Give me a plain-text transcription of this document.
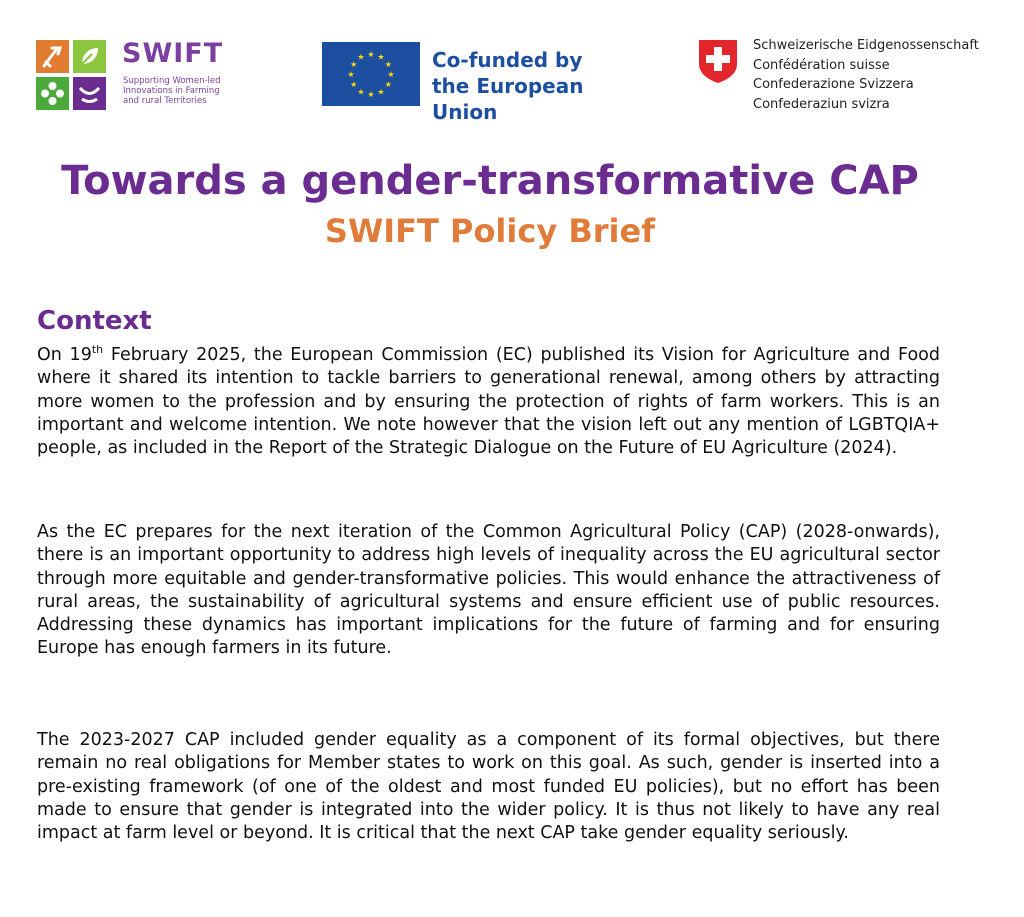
SWIFT
Supporting Women-led Innovations in Farming and rural Territories
★ ★
★
★
★
★
★
★
★
★
★
★	Co-funded by
the European Union
Schweizerische Eidgenossenschaft
Confédération suisse
Confederazione Svizzera
Confederaziun svizra
Towards a gender-transformative CAP
SWIFT Policy Brief
Context
On 19th February 2025, the European Commission (EC) published its Vision for Agriculture and Food where it shared its intention to tackle barriers to generational renewal, among others by attracting more women to the profession and by ensuring the protection of rights of farm workers. This is an important and welcome intention. We note however that the vision left out any mention of LGBTQIA+ people, as included in the Report of the Strategic Dialogue on the Future of EU Agriculture (2024).
As the EC prepares for the next iteration of the Common Agricultural Policy (CAP) (2028-onwards), there is an important opportunity to address high levels of inequality across the EU agricultural sector through more equitable and gender-transformative policies. This would enhance the attractiveness of rural areas, the sustainability of agricultural systems and ensure efficient use of public resources. Addressing these dynamics has important implications for the future of farming and for ensuring Europe has enough farmers in its future.
The 2023-2027 CAP included gender equality as a component of its formal objectives, but there remain no real obligations for Member states to work on this goal. As such, gender is inserted into a pre-existing framework (of one of the oldest and most funded EU policies), but no effort has been made to ensure that gender is integrated into the wider policy. It is thus not likely to have any real impact at farm level or beyond. It is critical that the next CAP take gender equality seriously.
